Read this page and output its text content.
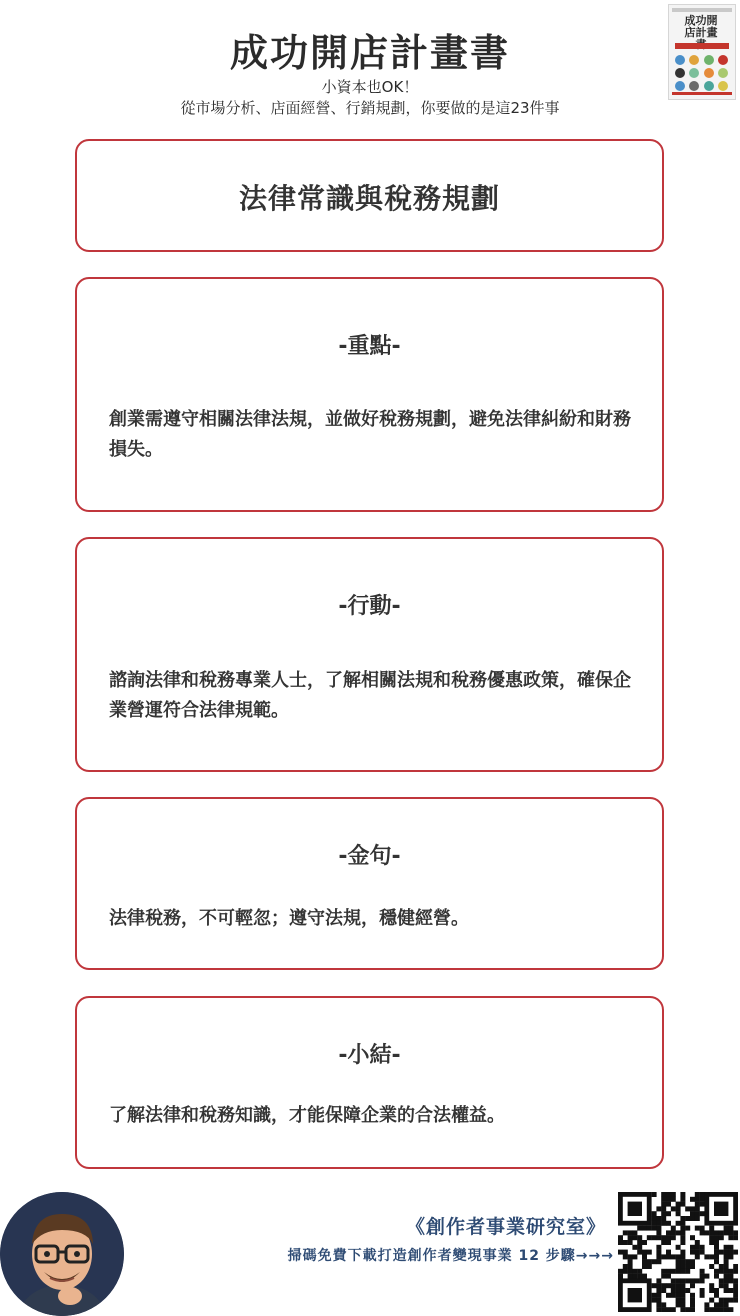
成功開店計畫書
小資本也OK！
從市場分析、店面經營、行銷規劃，你要做的是這23件事
成功開店計畫
法律常識與稅務規劃
-重點-
創業需遵守相關法律法規，並做好稅務規劃，避免法律糾紛和財務損失。
-行動-
諮詢法律和稅務專業人士，了解相關法規和稅務優惠政策，確保企業營運符合法律規範。
-金句-
法律稅務，不可輕忽；遵守法規，穩健經營。
-小結-
了解法律和稅務知識，才能保障企業的合法權益。
《創作者事業研究室》
掃碼免費下載打造創作者變現事業 12 步驟→→→
